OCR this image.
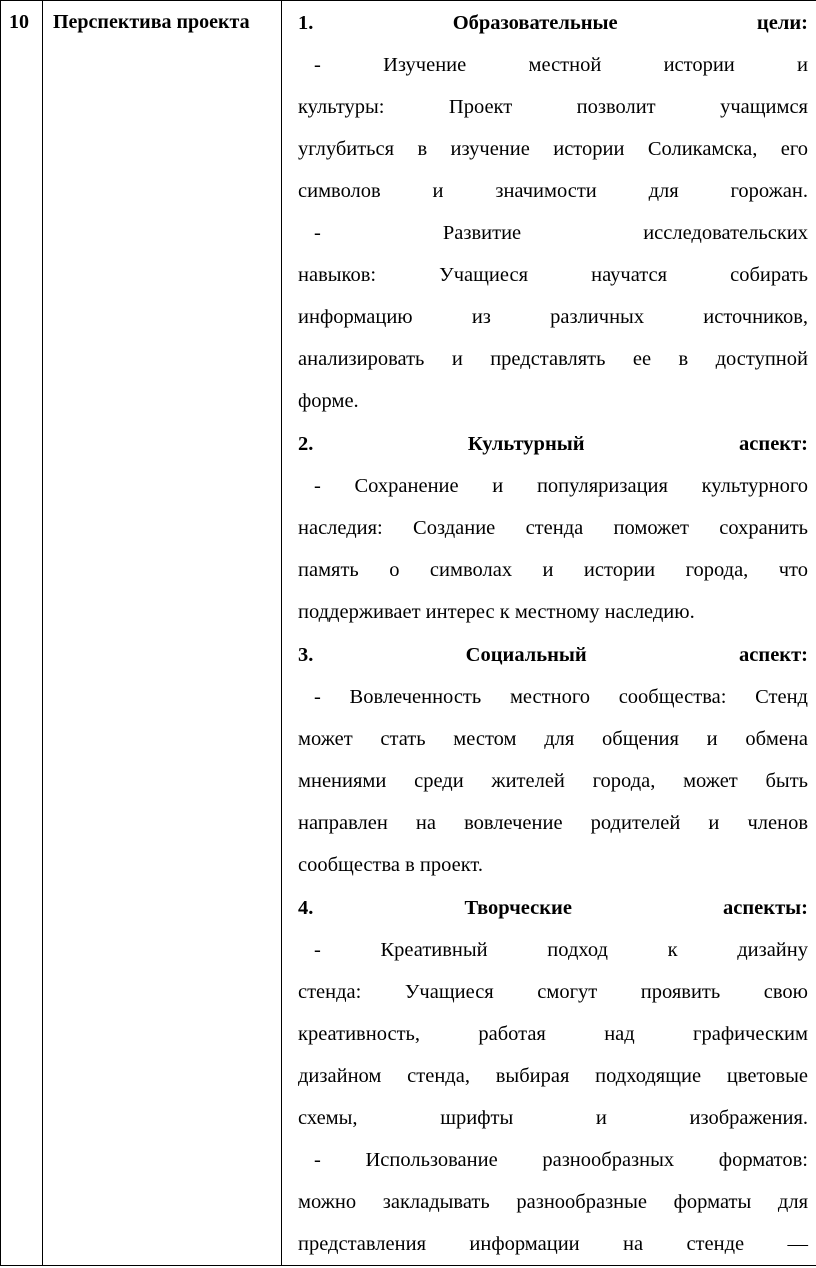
10	Перспектива проекта	1. Образовательные цели:

- Изучение местной истории и

культуры: Проект позволит учащимся

углубиться в изучение истории Соликамска, его

символов и значимости для горожан.

- Развитие исследовательских

навыков: Учащиеся научатся собирать

информацию из различных источников,

анализировать и представлять ее в доступной

форме.

2. Культурный аспект:

- Сохранение и популяризация культурного

наследия: Создание стенда поможет сохранить

память о символах и истории города, что

поддерживает интерес к местному наследию.

3. Социальный аспект:

- Вовлеченность местного сообщества: Стенд

может стать местом для общения и обмена

мнениями среди жителей города, может быть

направлен на вовлечение родителей и членов

сообщества в проект.

4. Творческие аспекты:

- Креативный подход к дизайну

стенда: Учащиеся смогут проявить свою

креативность, работая над графическим

дизайном стенда, выбирая подходящие цветовые

схемы, шрифты и изображения.

- Использование разнообразных форматов:

можно закладывать разнообразные форматы для

представления информации на стенде —
